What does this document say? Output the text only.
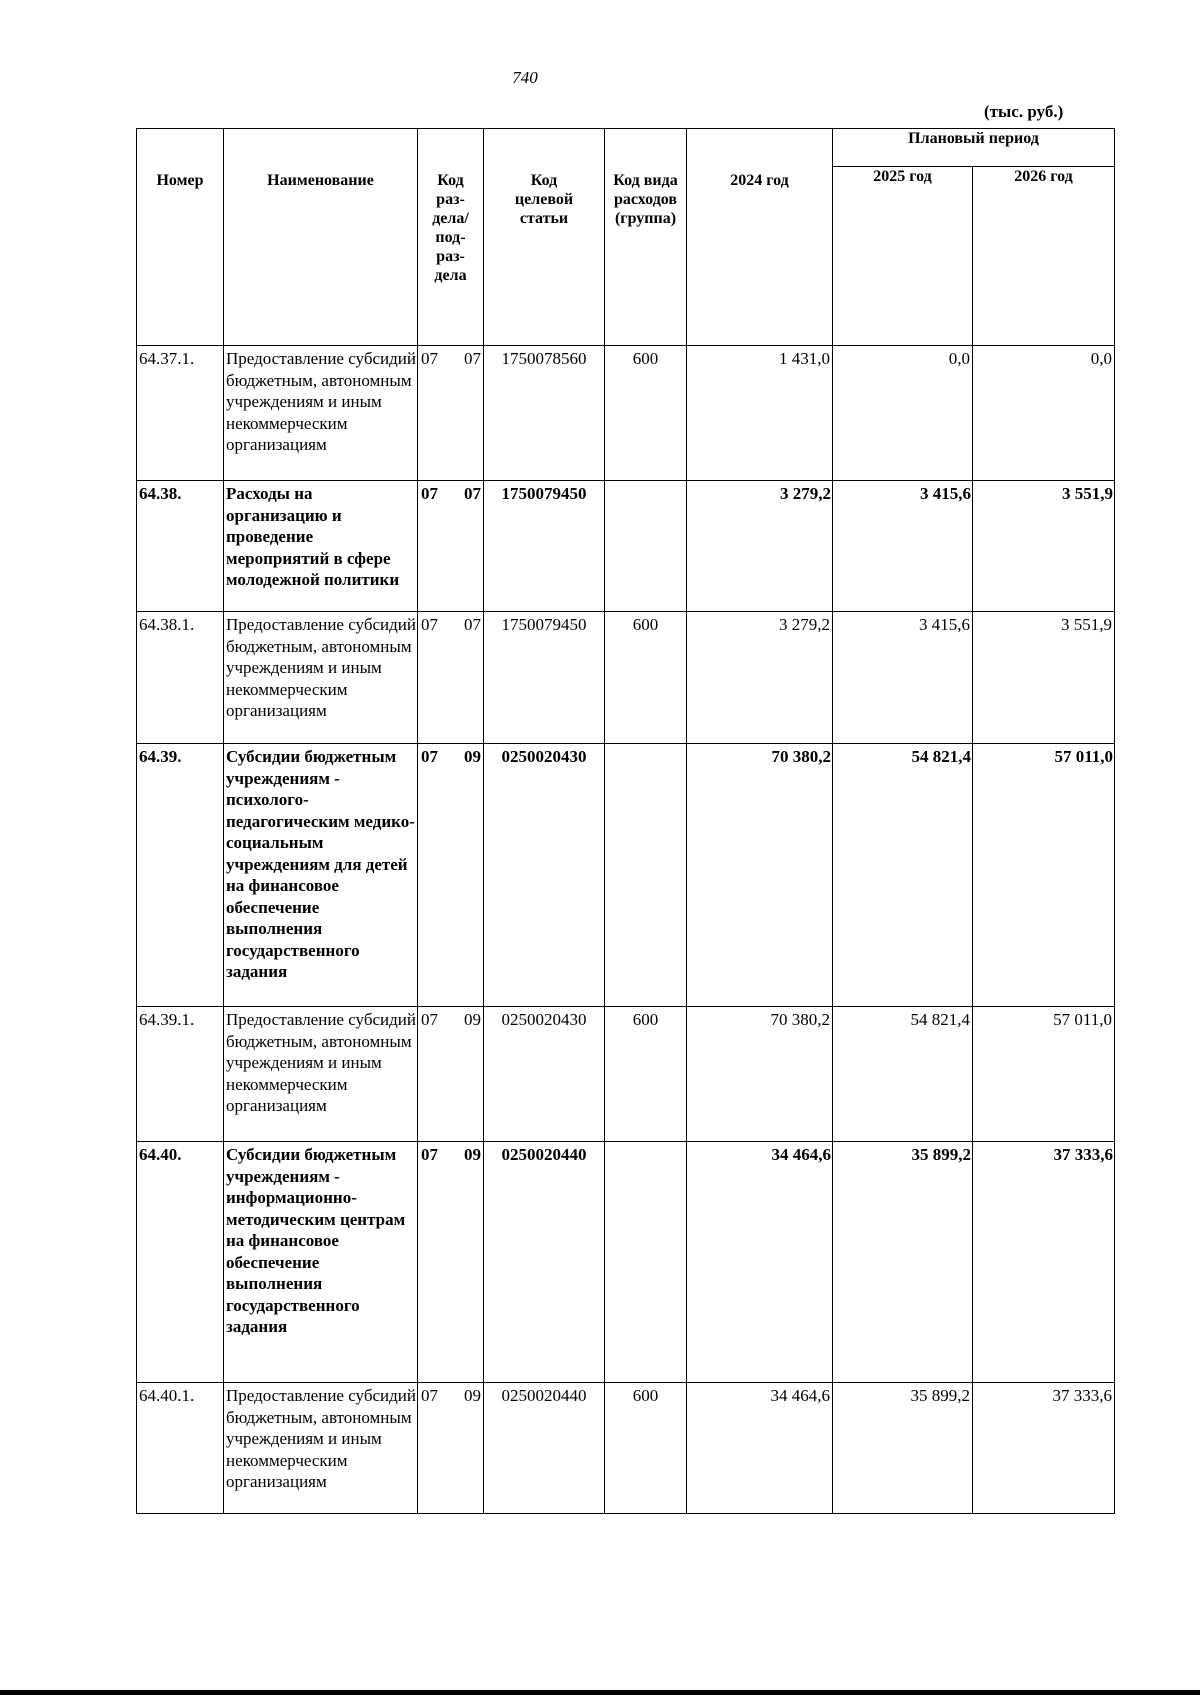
740
(тыс. руб.)
Номер	Наименование	Код раз-дела/ под-раз-дела	Код целевой статьи	Код вида расходов (группа)	2024 год	Плановый период	
						2025 год	2026 год
64.37.1.	Предоставление субсидий бюджетным, автономным учреждениям и иным некоммерческим организациям	07 07	1750078560	600	1 431,0	0,0	0,0
64.38.	Расходы на организацию и проведение мероприятий в сфере молодежной политики	07 07	1750079450		3 279,2	3 415,6	3 551,9
64.38.1.	Предоставление субсидий бюджетным, автономным учреждениям и иным некоммерческим организациям	07 07	1750079450	600	3 279,2	3 415,6	3 551,9
64.39.	Субсидии бюджетным учреждениям - психолого-педагогическим медико-социальным учреждениям для детей на финансовое обеспечение выполнения государственного задания	07 09	0250020430		70 380,2	54 821,4	57 011,0
64.39.1.	Предоставление субсидий бюджетным, автономным учреждениям и иным некоммерческим организациям	07 09	0250020430	600	70 380,2	54 821,4	57 011,0
64.40.	Субсидии бюджетным учреждениям - информационно-методическим центрам на финансовое обеспечение выполнения государственного задания	07 09	0250020440		34 464,6	35 899,2	37 333,6
64.40.1.	Предоставление субсидий бюджетным, автономным учреждениям и иным некоммерческим организациям	07 09	0250020440	600	34 464,6	35 899,2	37 333,6
